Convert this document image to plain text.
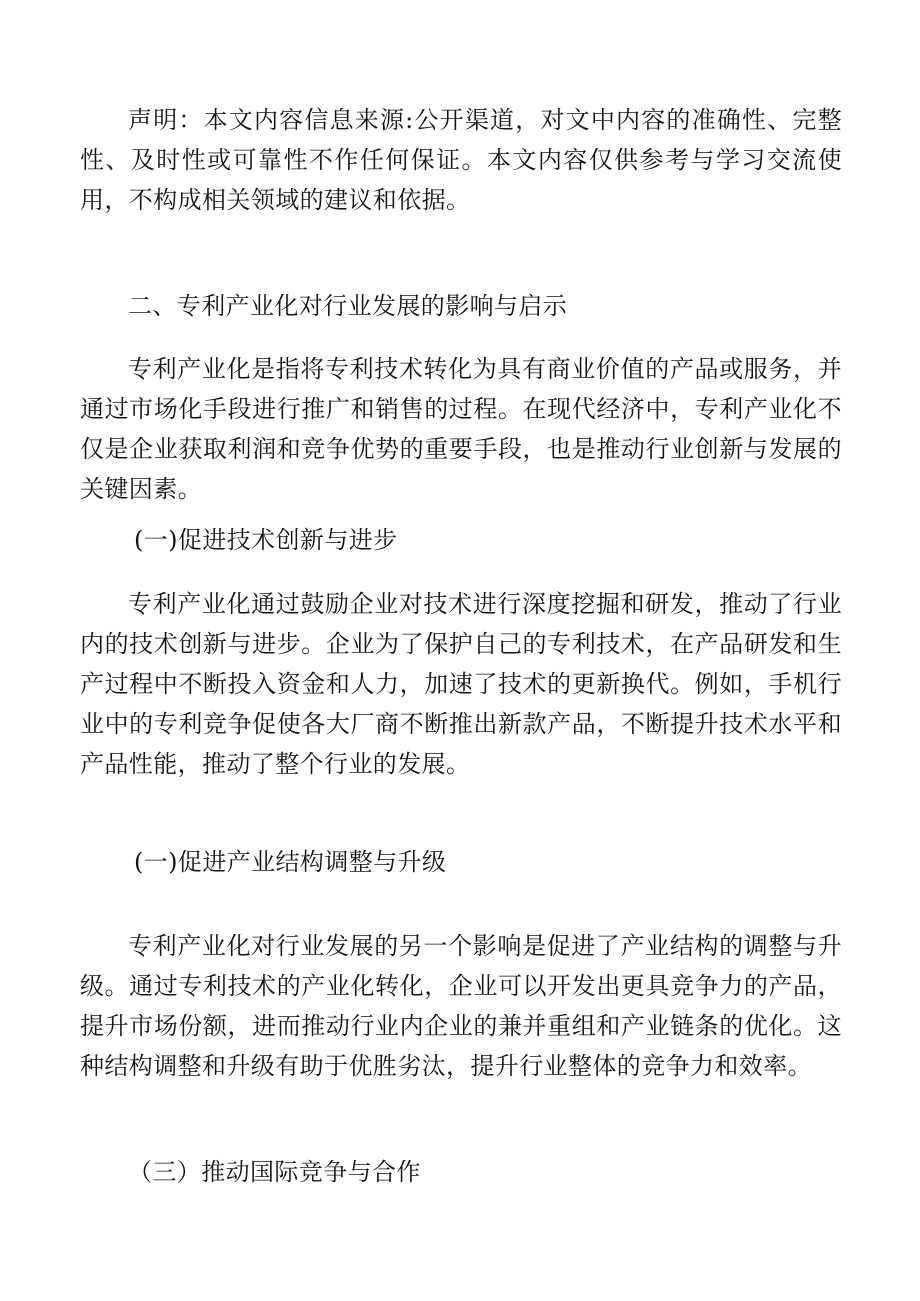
声明：本文内容信息来源:公开渠道，对文中内容的准确性、完整性、及时性或可靠性不作任何保证。本文内容仅供参考与学习交流使用，不构成相关领域的建议和依据。

二、专利产业化对行业发展的影响与启示

专利产业化是指将专利技术转化为具有商业价值的产品或服务，并通过市场化手段进行推广和销售的过程。在现代经济中，专利产业化不仅是企业获取利润和竞争优势的重要手段，也是推动行业创新与发展的关键因素。

(一)促进技术创新与进步

专利产业化通过鼓励企业对技术进行深度挖掘和研发，推动了行业内的技术创新与进步。企业为了保护自己的专利技术，在产品研发和生产过程中不断投入资金和人力，加速了技术的更新换代。例如，手机行业中的专利竞争促使各大厂商不断推出新款产品，不断提升技术水平和产品性能，推动了整个行业的发展。

(一)促进产业结构调整与升级

专利产业化对行业发展的另一个影响是促进了产业结构的调整与升级。通过专利技术的产业化转化，企业可以开发出更具竞争力的产品，提升市场份额，进而推动行业内企业的兼并重组和产业链条的优化。这种结构调整和升级有助于优胜劣汰，提升行业整体的竞争力和效率。

（三）推动国际竞争与合作
